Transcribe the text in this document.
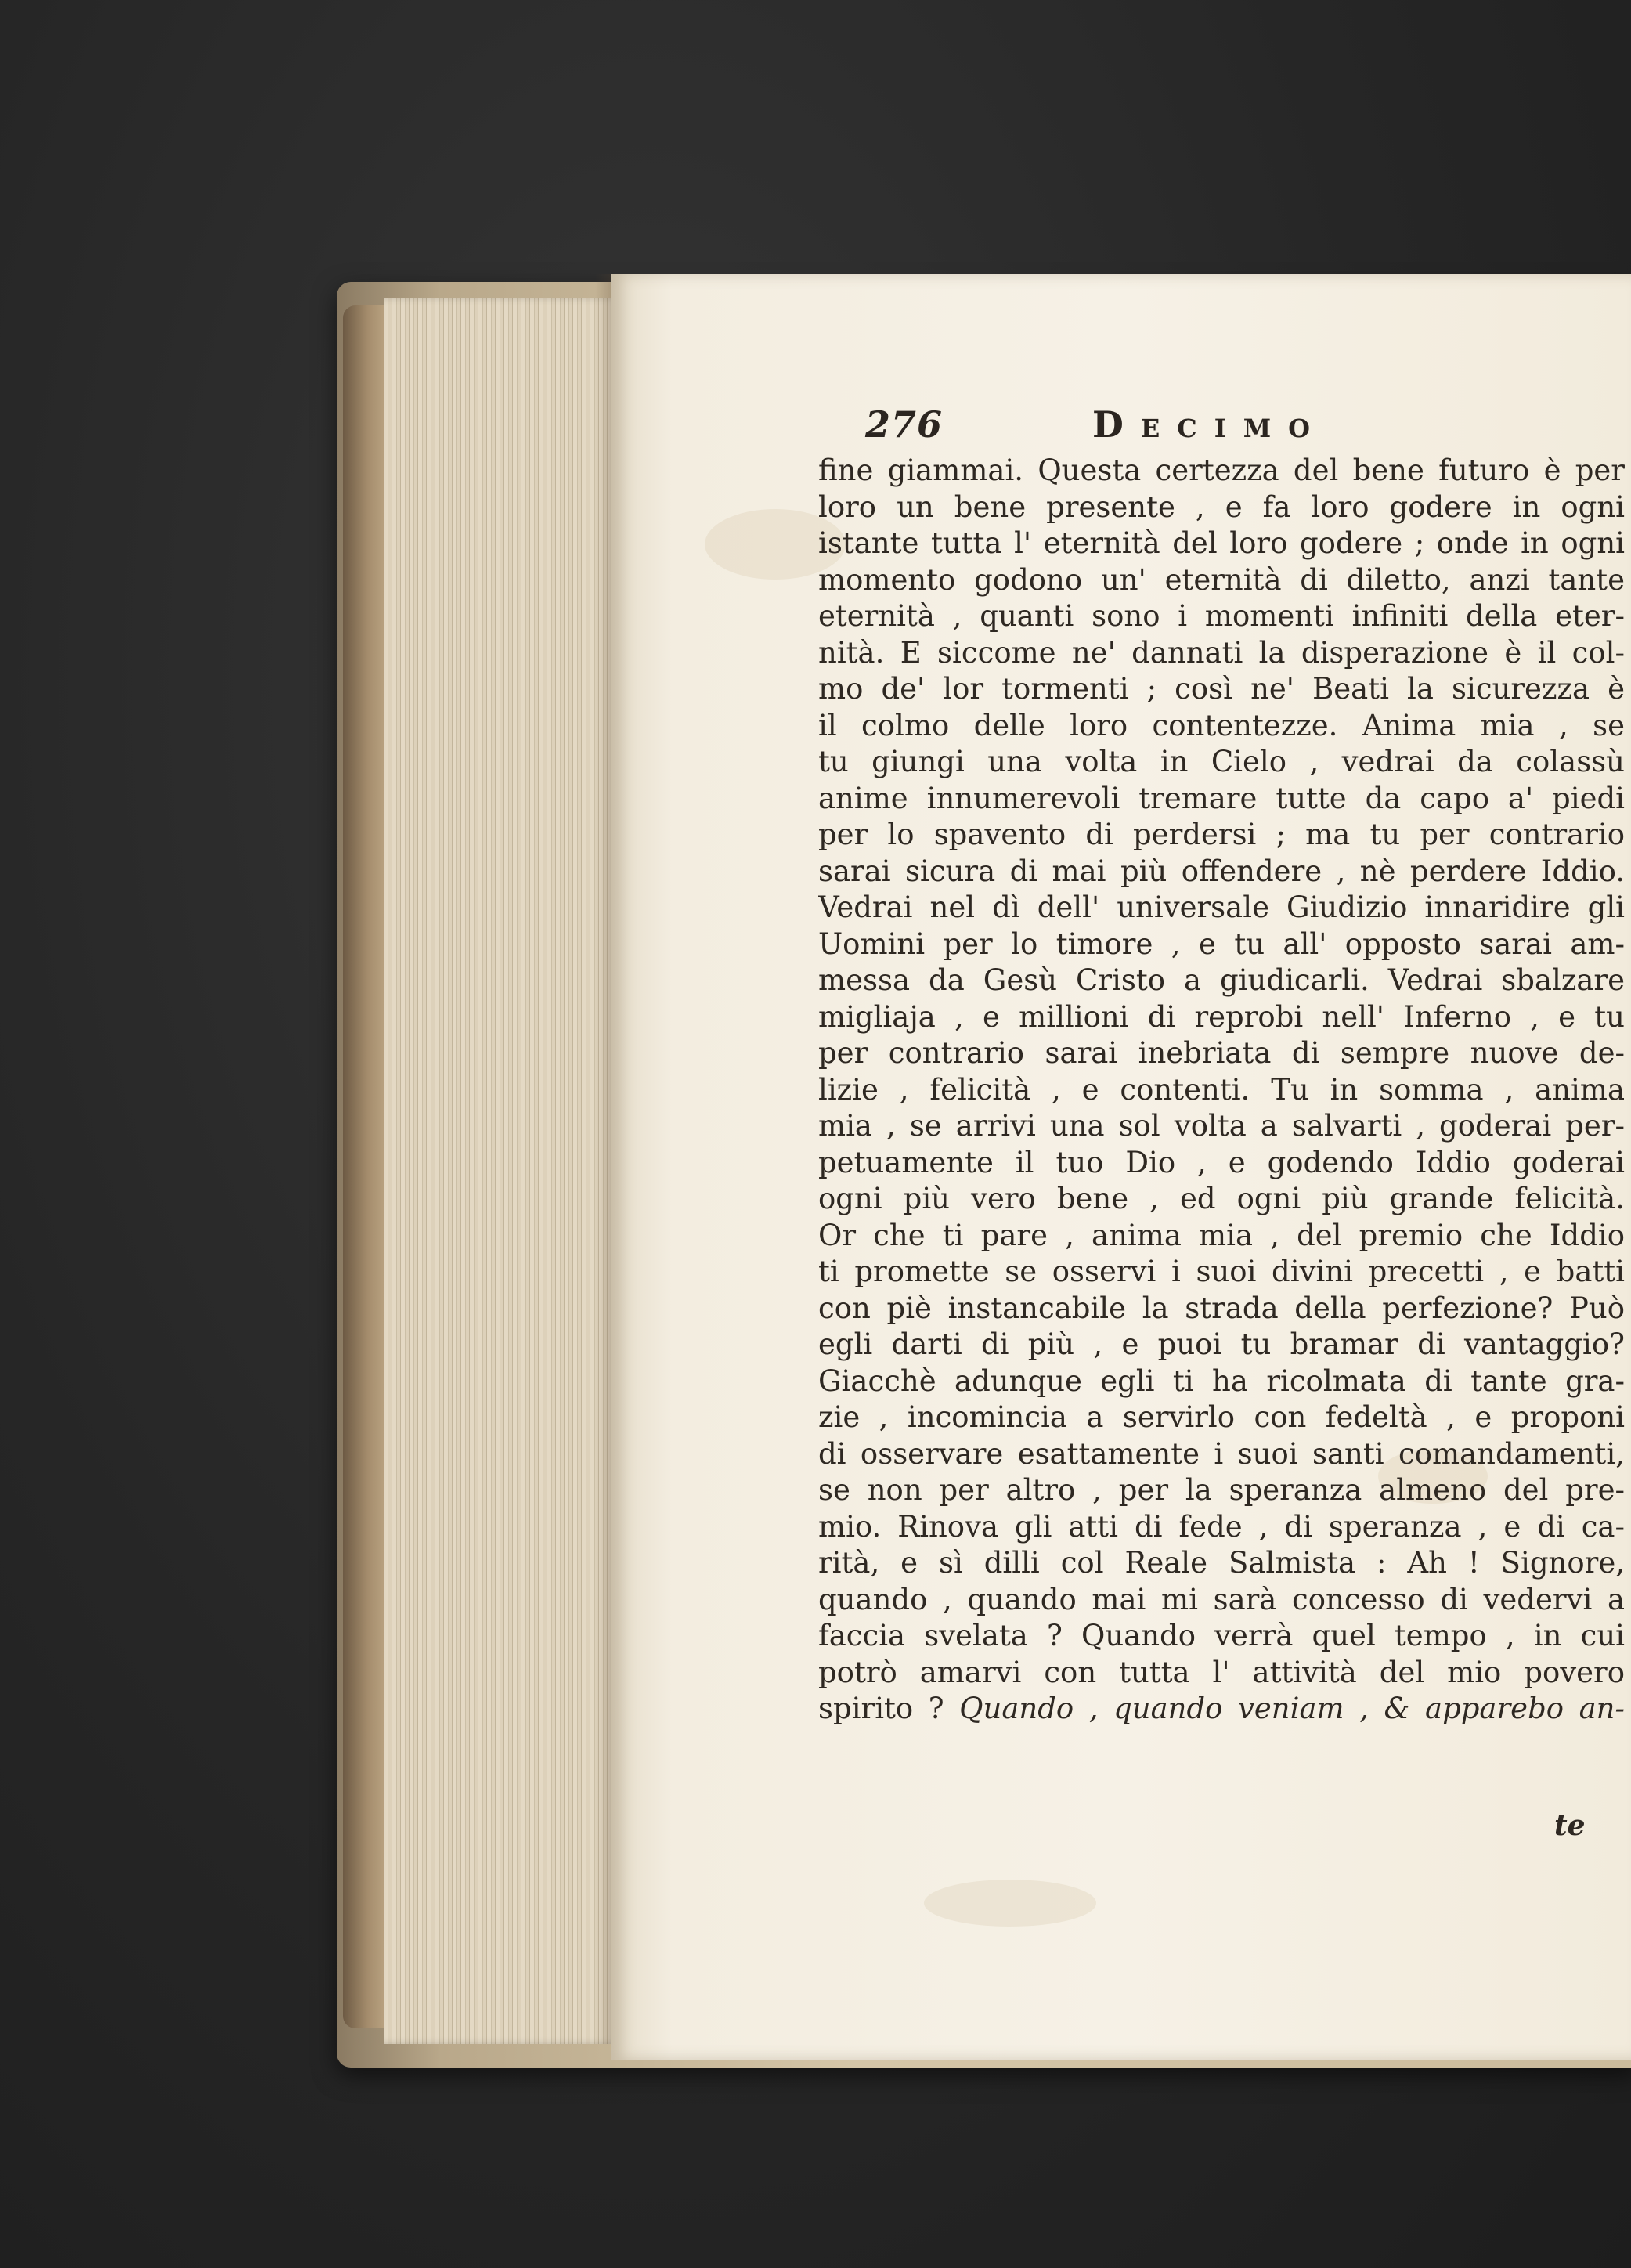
276	Decimo
fine giammai. Questa certezza del bene futuro è per
loro un bene presente , e fa loro godere in ogni
istante tutta l' eternità del loro godere ; onde in ogni
momento godono un' eternità di diletto, anzi tante
eternità , quanti sono i momenti infiniti della eter-
nità. E siccome ne' dannati la disperazione è il col-
mo de' lor tormenti ; così ne' Beati la sicurezza è
il colmo delle loro contentezze. Anima mia , se
tu giungi una volta in Cielo , vedrai da colassù
anime innumerevoli tremare tutte da capo a' piedi
per lo spavento di perdersi ; ma tu per contrario
sarai sicura di mai più offendere , nè perdere Iddio.
Vedrai nel dì dell' universale Giudizio innaridire gli
Uomini per lo timore , e tu all' opposto sarai am-
messa da Gesù Cristo a giudicarli. Vedrai sbalzare
migliaja , e millioni di reprobi nell' Inferno , e tu
per contrario sarai inebriata di sempre nuove de-
lizie , felicità , e contenti. Tu in somma , anima
mia , se arrivi una sol volta a salvarti , goderai per-
petuamente il tuo Dio , e godendo Iddio goderai
ogni più vero bene , ed ogni più grande felicità.
Or che ti pare , anima mia , del premio che Iddio
ti promette se osservi i suoi divini precetti , e batti
con piè instancabile la strada della perfezione? Può
egli darti di più , e puoi tu bramar di vantaggio?
Giacchè adunque egli ti ha ricolmata di tante gra-
zie , incomincia a servirlo con fedeltà , e proponi
di osservare esattamente i suoi santi comandamenti,
se non per altro , per la speranza almeno del pre-
mio. Rinova gli atti di fede , di speranza , e di ca-
rità, e sì dilli col Reale Salmista : Ah ! Signore,
quando , quando mai mi sarà concesso di vedervi a
faccia svelata ? Quando verrà quel tempo , in cui
potrò amarvi con tutta l' attività del mio povero
spirito ? Quando , quando veniam , & apparebo an-
te
